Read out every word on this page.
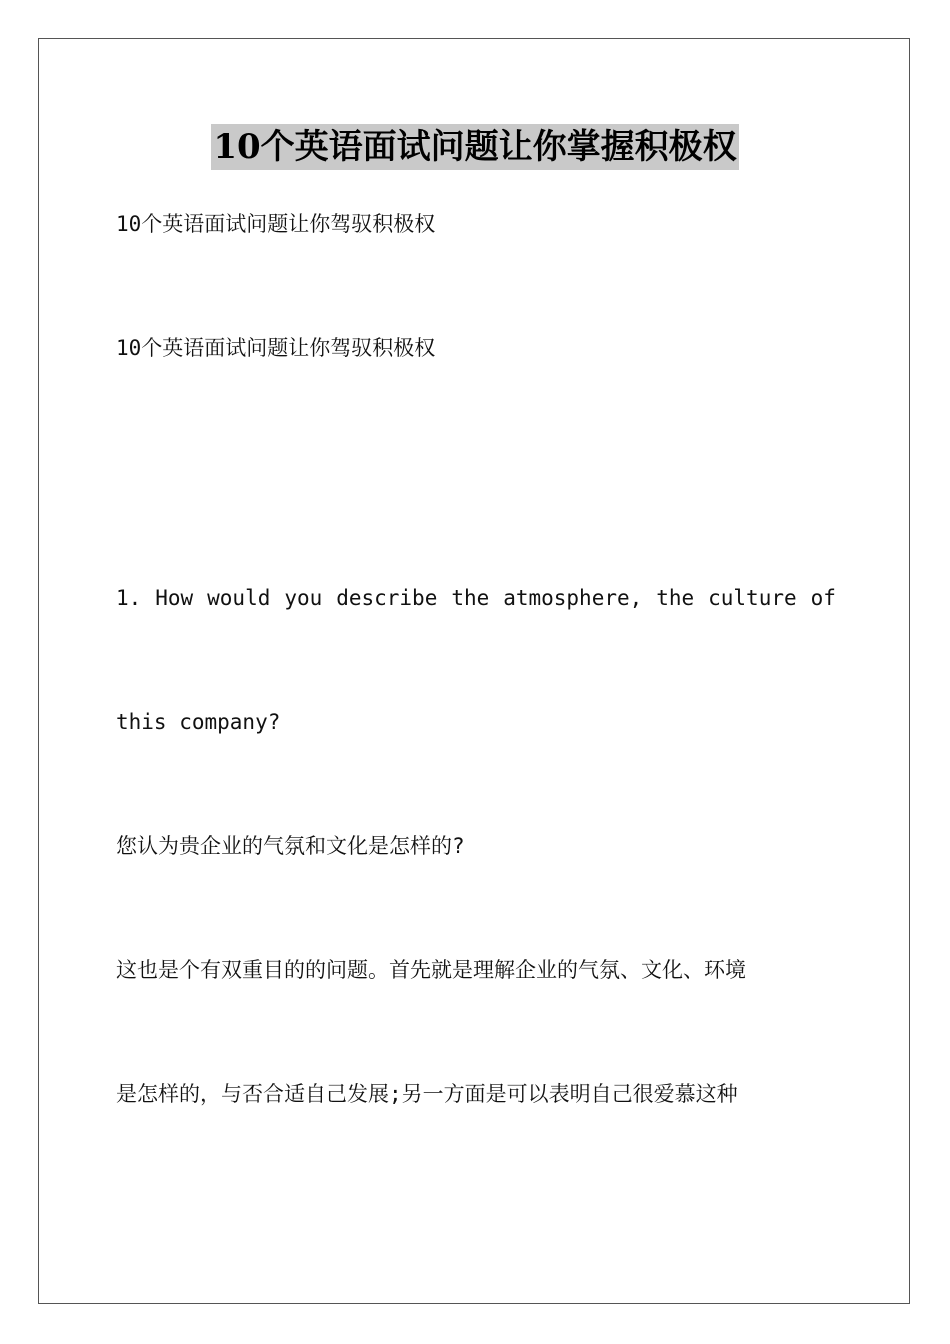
10个英语面试问题让你掌握积极权
10个英语面试问题让你驾驭积极权
10个英语面试问题让你驾驭积极权
1. How would you describe the atmosphere, the culture of
this company?
您认为贵企业的气氛和文化是怎样的?
这也是个有双重目的的问题。首先就是理解企业的气氛、文化、环境
是怎样的，与否合适自己发展;另一方面是可以表明自己很爱慕这种
